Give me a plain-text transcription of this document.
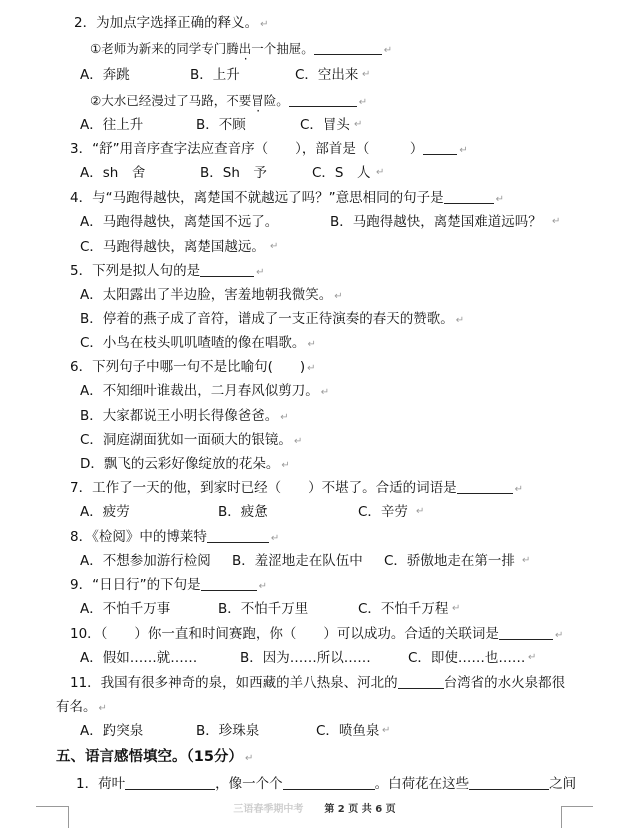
2．为加点字选择正确的释义。 ↵
①老师为新来的同学专门腾出一个抽屉。	↵
A．奔跳	B．上升	C．空出来 ↵
②大水已经漫过了马路，不要冒险。	↵
A．往上升	B．不顾	C．冒头 ↵
3．“舒”用音序查字法应查音序（　　），部首是（　　　）	↵
A．sh　舍	B．Sh　予	C．S　人 ↵
4．与“马跑得越快，离楚国不就越远了吗？”意思相同的句子是	↵
A．马跑得越快，离楚国不远了。	B．马跑得越快，离楚国难道远吗？ ↵
C．马跑得越快，离楚国越远。 ↵
5．下列是拟人句的是	↵
A．太阳露出了半边脸，害羞地朝我微笑。 ↵
B．停着的燕子成了音符，谱成了一支正待演奏的春天的赞歌。 ↵
C．小鸟在枝头叽叽喳喳的像在唱歌。 ↵
6．下列句子中哪一句不是比喻句(　　) ↵
A．不知细叶谁裁出，二月春风似剪刀。 ↵
B．大家都说王小明长得像爸爸。 ↵
C．洞庭湖面犹如一面硕大的银镜。 ↵
D．飘飞的云彩好像绽放的花朵。 ↵
7．工作了一天的他，到家时已经（　　）不堪了。合适的词语是	↵
A．疲劳	B．疲惫	C．辛劳 ↵
8．《检阅》中的博莱特	↵
A．不想参加游行检阅 B．羞涩地走在队伍中 C．骄傲地走在第一排 ↵
9．“日日行”的下句是	↵
A．不怕千万事	B．不怕千万里	C．不怕千万程 ↵
10．（　　）你一直和时间赛跑，你（　　）可以成功。合适的关联词是	↵
A．假如……就……	B．因为……所以……	C．即使……也…… ↵
11．我国有很多神奇的泉，如西藏的羊八热泉、河北的	台湾省的水火泉都很
有名。 ↵
A．趵突泉	B．珍珠泉	C．喷鱼泉 ↵
五、语言感悟填空。（15分） ↵
1．荷叶	，像一个个	。白荷花在这些	之间
三语春季期中考 第 2 页 共 6 页
